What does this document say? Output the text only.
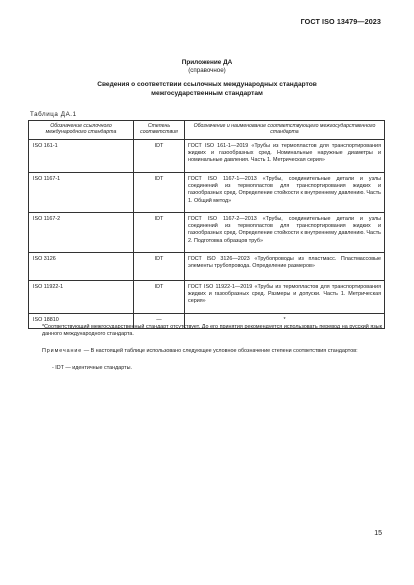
ГОСТ ISO 13479—2023
Приложение ДА
(справочное)
Сведения о соответствии ссылочных международных стандартов межгосударственным стандартам
Таблица ДА.1
Обозначение ссылочного международного стандарта	Степень соответствия	Обозначение и наименование соответствующего межгосударственного стандарта
ISO 161-1	IDT	ГОСТ ISO 161-1—2019 «Трубы из термопластов для транспортирования жидких и газообразных сред. Номинальные наружные диаметры и номинальные давления. Часть 1. Метрическая серия»
ISO 1167-1	IDT	ГОСТ ISO 1167-1—2013 «Трубы, соединительные детали и узлы соединений из термопластов для транспортирования жидких и газообразных сред. Определение стойкости к внутреннему давлению. Часть 1. Общий метод»
ISO 1167-2	IDT	ГОСТ ISO 1167-2—2013 «Трубы, соединительные детали и узлы соединений из термопластов для транспортирования жидких и газообразных сред. Определение стойкости к внутреннему давлению. Часть 2. Подготовка образцов труб»
ISO 3126	IDT	ГОСТ ISO 3126—2023 «Трубопроводы из пластмасс. Пластмассовые элементы трубопровода. Определение размеров»
ISO 11922-1	IDT	ГОСТ ISO 11922-1—2019 «Трубы из термопластов для транспортирования жидких и газообразных сред. Размеры и допуски. Часть 1. Метрическая серия»
ISO 18810	—	*
*Соответствующий межгосударственный стандарт отсутствует. До его принятия рекомендуется использовать перевод на русский язык данного международного стандарта.
Примечание — В настоящей таблице использовано следующее условное обозначение степени соответствия стандартов:
- IDT — идентичные стандарты.
15
